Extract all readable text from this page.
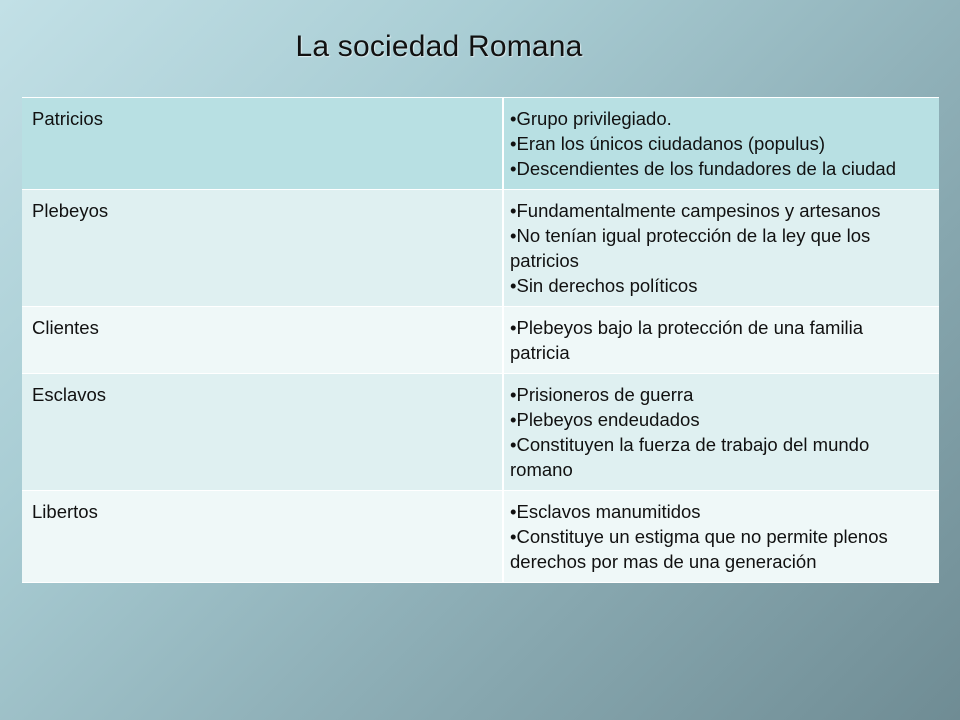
La sociedad Romana
Patricios	•Grupo privilegiado.
•Eran los únicos ciudadanos (populus)
•Descendientes de los fundadores de la ciudad

Plebeyos	•Fundamentalmente campesinos y artesanos
•No tenían igual protección de la ley que los patricios
•Sin derechos políticos

Clientes	•Plebeyos bajo la protección de una familia patricia

Esclavos	•Prisioneros de guerra
•Plebeyos endeudados
•Constituyen la fuerza de trabajo del mundo romano

Libertos	•Esclavos manumitidos
•Constituye un estigma que no permite plenos derechos por mas de una generación
